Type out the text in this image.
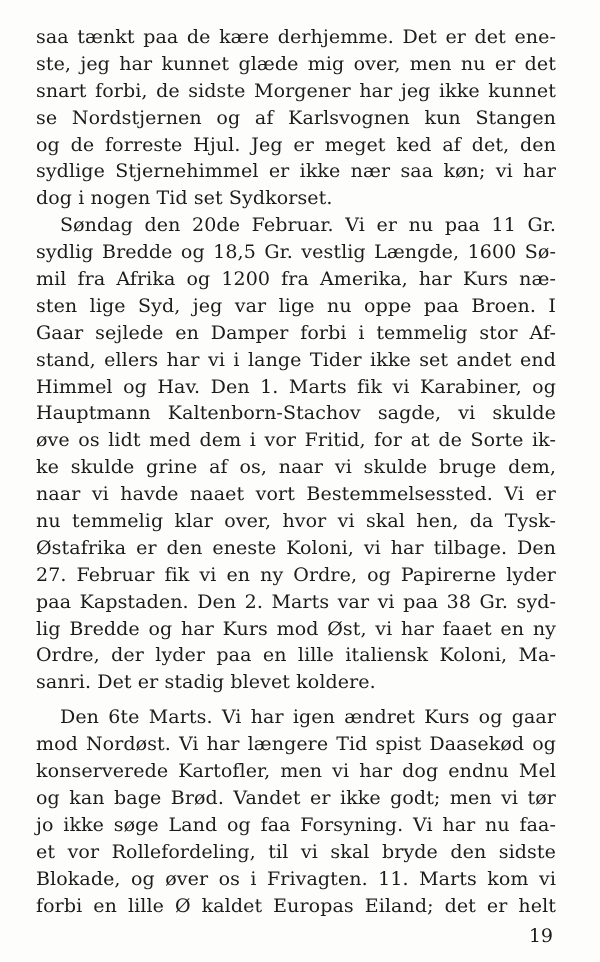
saa tænkt paa de kære derhjemme. Det er det ene-
ste, jeg har kunnet glæde mig over, men nu er det
snart forbi, de sidste Morgener har jeg ikke kunnet
se Nordstjernen og af Karlsvognen kun Stangen
og de forreste Hjul. Jeg er meget ked af det, den
sydlige Stjernehimmel er ikke nær saa køn; vi har
dog i nogen Tid set Sydkorset.
Søndag den 20de Februar. Vi er nu paa 11 Gr.
sydlig Bredde og 18,5 Gr. vestlig Længde, 1600 Sø-
mil fra Afrika og 1200 fra Amerika, har Kurs næ-
sten lige Syd, jeg var lige nu oppe paa Broen. I
Gaar sejlede en Damper forbi i temmelig stor Af-
stand, ellers har vi i lange Tider ikke set andet end
Himmel og Hav. Den 1. Marts fik vi Karabiner, og
Hauptmann Kaltenborn-Stachov sagde, vi skulde
øve os lidt med dem i vor Fritid, for at de Sorte ik-
ke skulde grine af os, naar vi skulde bruge dem,
naar vi havde naaet vort Bestemmelsessted. Vi er
nu temmelig klar over, hvor vi skal hen, da Tysk-
Østafrika er den eneste Koloni, vi har tilbage. Den
27. Februar fik vi en ny Ordre, og Papirerne lyder
paa Kapstaden. Den 2. Marts var vi paa 38 Gr. syd-
lig Bredde og har Kurs mod Øst, vi har faaet en ny
Ordre, der lyder paa en lille italiensk Koloni, Ma-
sanri. Det er stadig blevet koldere.
Den 6te Marts. Vi har igen ændret Kurs og gaar
mod Nordøst. Vi har længere Tid spist Daasekød og
konserverede Kartofler, men vi har dog endnu Mel
og kan bage Brød. Vandet er ikke godt; men vi tør
jo ikke søge Land og faa Forsyning. Vi har nu faa-
et vor Rollefordeling, til vi skal bryde den sidste
Blokade, og øver os i Frivagten. 11. Marts kom vi
forbi en lille Ø kaldet Europas Eiland; det er helt
19
